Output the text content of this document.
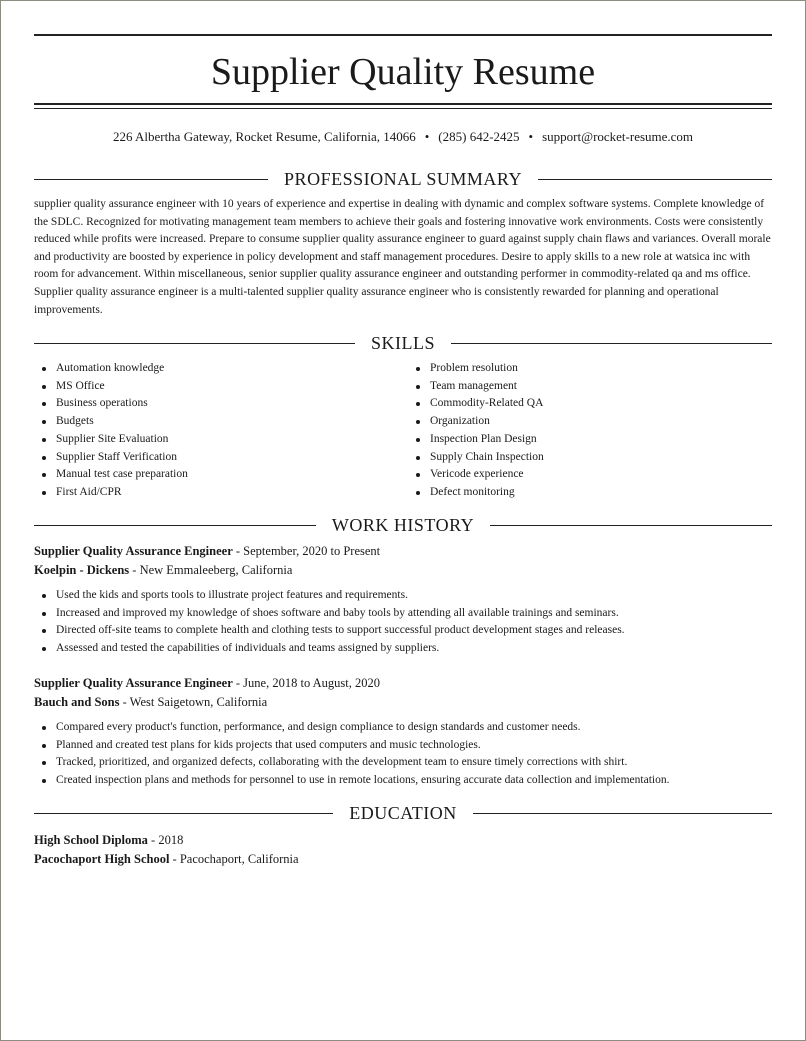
Supplier Quality Resume
226 Albertha Gateway, Rocket Resume, California, 14066 • (285) 642-2425 • support@rocket-resume.com
PROFESSIONAL SUMMARY

supplier quality assurance engineer with 10 years of experience and expertise in dealing with dynamic and complex software systems. Complete knowledge of the SDLC. Recognized for motivating management team members to achieve their goals and fostering innovative work environments. Costs were consistently reduced while profits were increased. Prepare to consume supplier quality assurance engineer to guard against supply chain flaws and variances. Overall morale and productivity are boosted by experience in policy development and staff management procedures. Desire to apply skills to a new role at watsica inc with room for advancement. Within miscellaneous, senior supplier quality assurance engineer and outstanding performer in commodity-related qa and ms office. Supplier quality assurance engineer is a multi-talented supplier quality assurance engineer who is consistently rewarded for planning and operational improvements.

SKILLS
Automation knowledge
MS Office
Business operations
Budgets
Supplier Site Evaluation
Supplier Staff Verification
Manual test case preparation
First Aid/CPR
Problem resolution
Team management
Commodity-Related QA
Organization
Inspection Plan Design
Supply Chain Inspection
Vericode experience
Defect monitoring
WORK HISTORY
Supplier Quality Assurance Engineer - September, 2020 to Present
Koelpin - Dickens - New Emmaleeberg, California
Used the kids and sports tools to illustrate project features and requirements.
Increased and improved my knowledge of shoes software and baby tools by attending all available trainings and seminars.
Directed off-site teams to complete health and clothing tests to support successful product development stages and releases.
Assessed and tested the capabilities of individuals and teams assigned by suppliers.
Supplier Quality Assurance Engineer - June, 2018 to August, 2020
Bauch and Sons - West Saigetown, California
Compared every product's function, performance, and design compliance to design standards and customer needs.
Planned and created test plans for kids projects that used computers and music technologies.
Tracked, prioritized, and organized defects, collaborating with the development team to ensure timely corrections with shirt.
Created inspection plans and methods for personnel to use in remote locations, ensuring accurate data collection and implementation.
EDUCATION
High School Diploma - 2018
Pacochaport High School - Pacochaport, California
